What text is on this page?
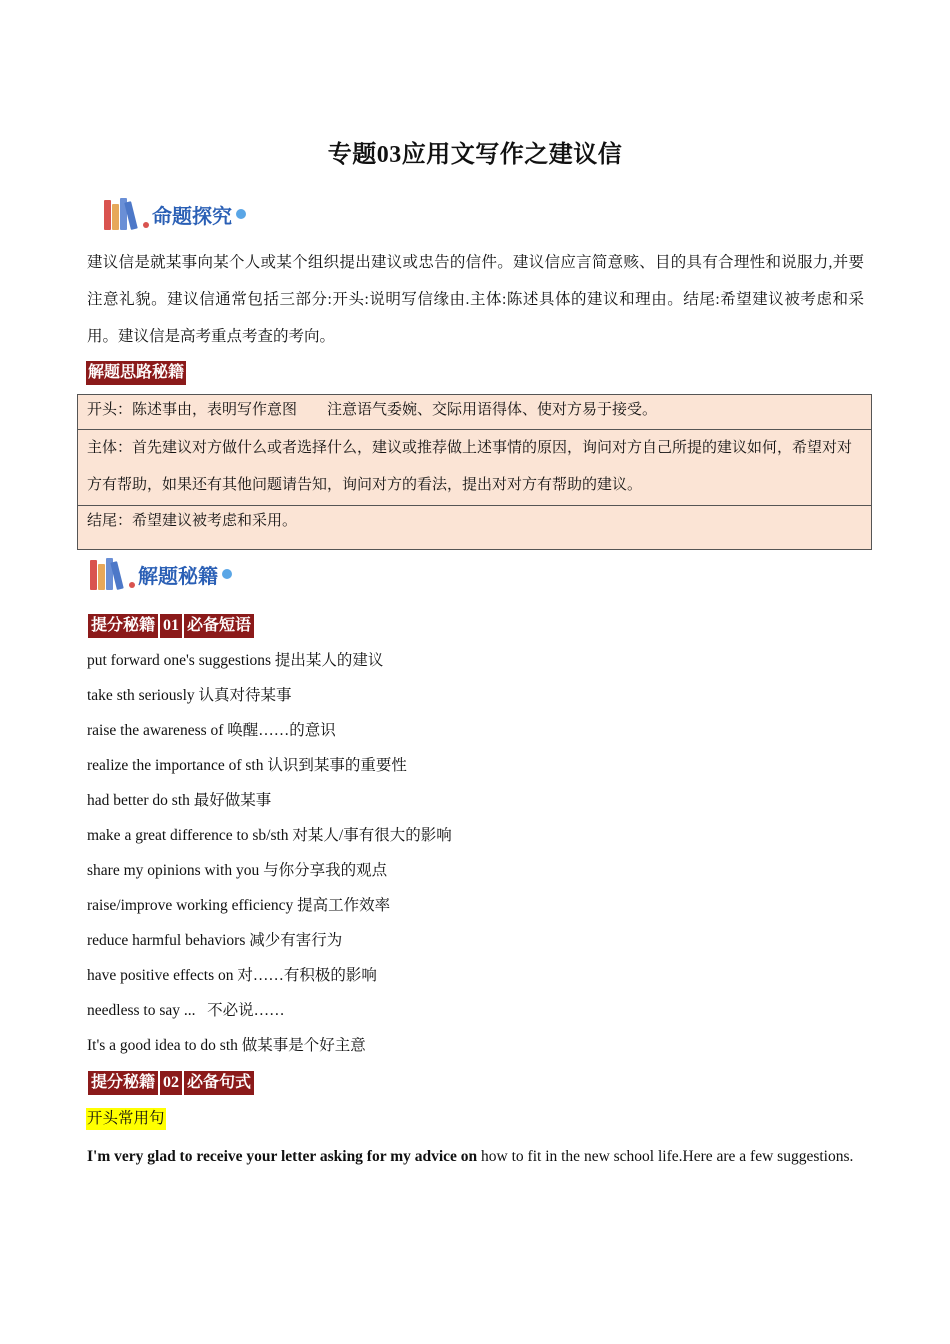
专题03应用文写作之建议信
命题探究
建议信是就某事向某个人或某个组织提出建议或忠告的信件。建议信应言简意赅、目的具有合理性和说服力,并要注意礼貌。建议信通常包括三部分:开头:说明写信缘由.主体:陈述具体的建议和理由。结尾:希望建议被考虑和采用。建议信是高考重点考查的考向。
解题思路秘籍
开头：陈述事由，表明写作意图 注意语气委婉、交际用语得体、使对方易于接受。
主体：首先建议对方做什么或者选择什么，建议或推荐做上述事情的原因，询问对方自己所提的建议如何，希望对对方有帮助，如果还有其他问题请告知，询问对方的看法，提出对对方有帮助的建议。
结尾：希望建议被考虑和采用。
解题秘籍
提分秘籍 01 必备短语
put forward one's suggestions 提出某人的建议
take sth seriously 认真对待某事
raise the awareness of 唤醒……的意识
realize the importance of sth 认识到某事的重要性
had better do sth 最好做某事
make a great difference to sb/sth 对某人/事有很大的影响
share my opinions with you 与你分享我的观点
raise/improve working efficiency 提高工作效率
reduce harmful behaviors 减少有害行为
have positive effects on 对……有积极的影响
needless to say ...   不必说……
It's a good idea to do sth 做某事是个好主意
提分秘籍 02 必备句式
开头常用句
I'm very glad to receive your letter asking for my advice on how to fit in the new school life.Here are a few suggestions.
